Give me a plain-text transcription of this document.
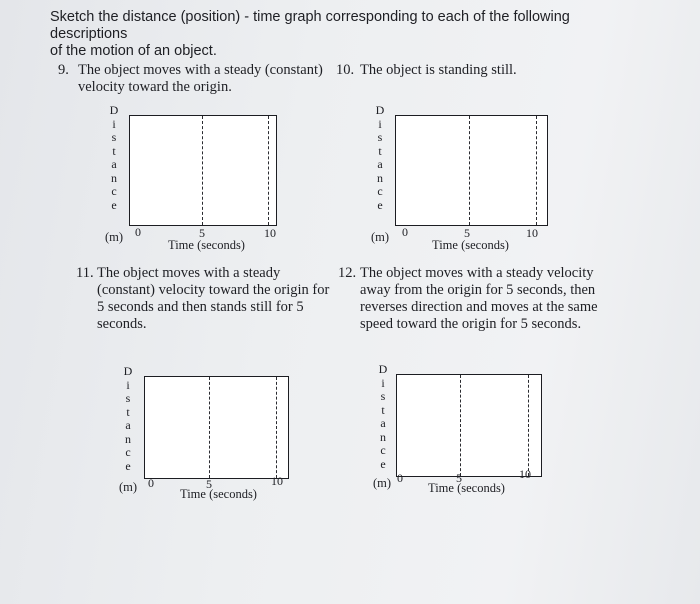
Sketch the distance (position) - time graph corresponding to each of the following descriptions
of the motion of an object.
9. The object moves with a steady (constant)
velocity toward the origin.
10. The object is standing still.
11. The object moves with a steady
(constant) velocity toward the origin for
5 seconds and then stands still for 5
seconds.
12. The object moves with a steady velocity
away from the origin for 5 seconds, then
reverses direction and moves at the same
speed toward the origin for 5 seconds.
D
i
s
t
a
n
c
e
(m) 0	5	10
Time (seconds)
D
i
s
t
a
n
c
e
(m) 0	5	10
Time (seconds)
D
i
s
t
a
n
c
e
(m) 0	5	10
Time (seconds)
D
i
s
t
a
n
c
e
(m) 0	5	10
Time (seconds)
